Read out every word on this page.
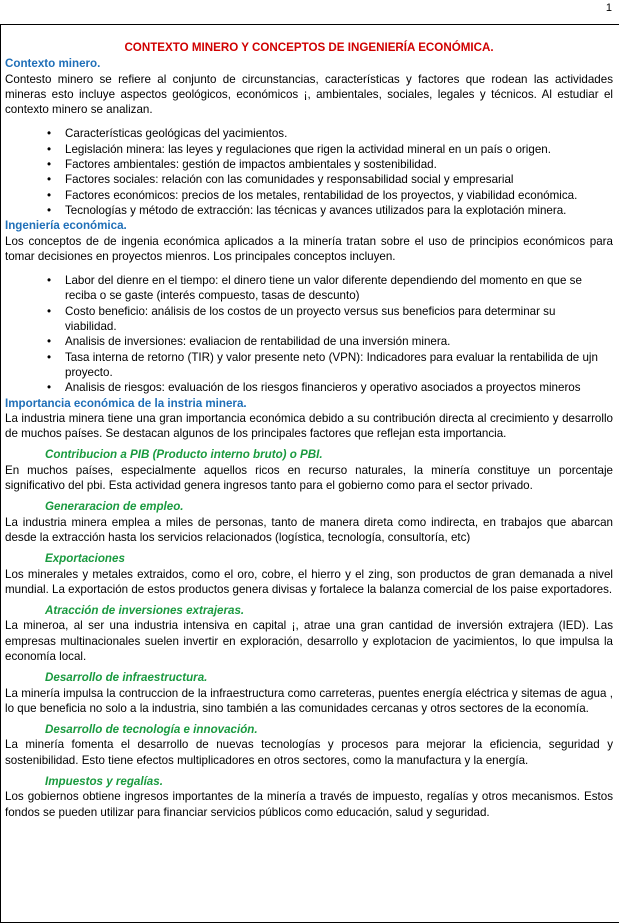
1
CONTEXTO MINERO Y CONCEPTOS DE INGENIERÍA ECONÓMICA.
Contexto minero.

Contesto minero se refiere al conjunto de circunstancias, características y factores que rodean las actividades mineras esto incluye aspectos geológicos, económicos ¡, ambientales, sociales, legales y técnicos. Al estudiar el contexto minero se analizan.

• Características geológicas del yacimientos.
• Legislación minera: las leyes y regulaciones que rigen la actividad mineral en un país o origen.
• Factores ambientales: gestión de impactos ambientales y sostenibilidad.
• Factores sociales: relación con las comunidades y responsabilidad social y empresarial
• Factores económicos: precios de los metales, rentabilidad de los proyectos, y viabilidad económica.
• Tecnologías y método de extracción: las técnicas y avances utilizados para la explotación minera.
Ingeniería económica.

Los conceptos de de ingenia económica aplicados a la minería tratan sobre el uso de principios económicos para tomar decisiones en proyectos mienros. Los principales conceptos incluyen.

• Labor del dienre en el tiempo: el dinero tiene un valor diferente dependiendo del momento en que se reciba o se gaste (interés compuesto, tasas de descunto)
• Costo beneficio: análisis de los costos de un proyecto versus sus beneficios para determinar su viabilidad.
• Analisis de inversiones: evaliacion de rentabilidad de una inversión minera.
• Tasa interna de retorno (TIR) y valor presente neto (VPN): Indicadores para evaluar la rentabilida de ujn proyecto.
• Analisis de riesgos: evaluación de los riesgos financieros y operativo asociados a proyectos mineros
Importancia económica de la instria minera.

La industria minera tiene una gran importancia económica debido a su contribución directa al crecimiento y desarrollo de muchos países. Se destacan algunos de los principales factores que reflejan esta importancia.

Contribucion a PIB (Producto interno bruto) o PBI.

En muchos países, especialmente aquellos ricos en recurso naturales, la minería constituye un porcentaje significativo del pbi. Esta actividad genera ingresos tanto para el gobierno como para el sector privado.

Generaracion de empleo.

La industria minera emplea a miles de personas, tanto de manera direta como indirecta, en trabajos que abarcan desde la extracción hasta los servicios relacionados (logística, tecnología, consultoría, etc)

Exportaciones

Los minerales y metales extraidos, como el oro, cobre, el hierro y el zing, son productos de gran demanada a nivel mundial. La exportación de estos productos genera divisas y fortalece la balanza comercial de los paise exportadores.

Atracción de inversiones extrajeras.

La mineroa, al ser una industria intensiva en capital ¡, atrae una gran cantidad de inversión extrajera (IED). Las empresas multinacionales suelen invertir en exploración, desarrollo y explotacion de yacimientos, lo que impulsa la economía local.

Desarrollo de infraestructura.

La minería impulsa la contruccion de la infraestructura como carreteras, puentes energía eléctrica y sitemas de agua , lo que beneficia no solo a la industria, sino también a las comunidades cercanas y otros sectores de la economía.

Desarrollo de tecnología e innovación.

La minería fomenta el desarrollo de nuevas tecnologías y procesos para mejorar la eficiencia, seguridad y sostenibilidad. Esto tiene efectos multiplicadores en otros sectores, como la manufactura y la energía.

Impuestos y regalías.

Los gobiernos obtiene ingresos importantes de la minería a través de impuesto, regalías y otros mecanismos. Estos fondos se pueden utilizar para financiar servicios públicos como educación, salud y seguridad.
